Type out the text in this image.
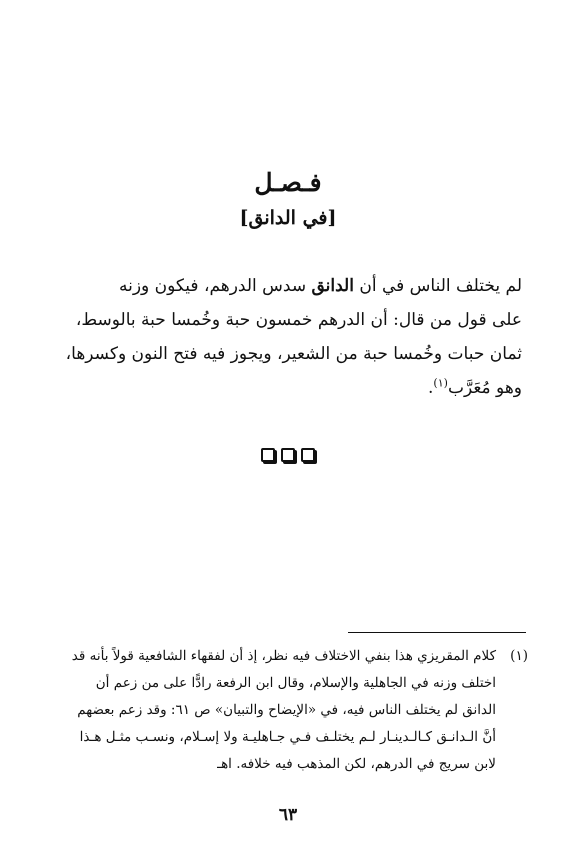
فـصـل
[في الدانق]
لم يختلف الناس في أن الدانق سدس الدرهم، فيكون وزنه
على قول من قال: أن الدرهم خمسون حبة وخُمسا حبة بالوسط،
ثمان حبات وخُمسا حبة من الشعير، ويجوز فيه فتح النون وكسرها،
وهو مُعَرَّب$^{(١)}$.
(١)كلام المقريزي هذا بنفي الاختلاف فيه نظر، إذ أن لفقهاء الشافعية قولاً بأنه قد
اختلف وزنه في الجاهلية والإسلام، وقال ابن الرفعة رادًّا على من زعم أن
الدانق لم يختلف الناس فيه، في «الإيضاح والتبيان» ص ٦١: وقد زعم بعضهم
أنَّ الـدانـق كـالـدينـار لـم يختلـف فـي جـاهليـة ولا إسـلام، ونسـب مثـل هـذا
لابن سريج في الدرهم، لكن المذهب فيه خلافه. اهـ
٦٣
